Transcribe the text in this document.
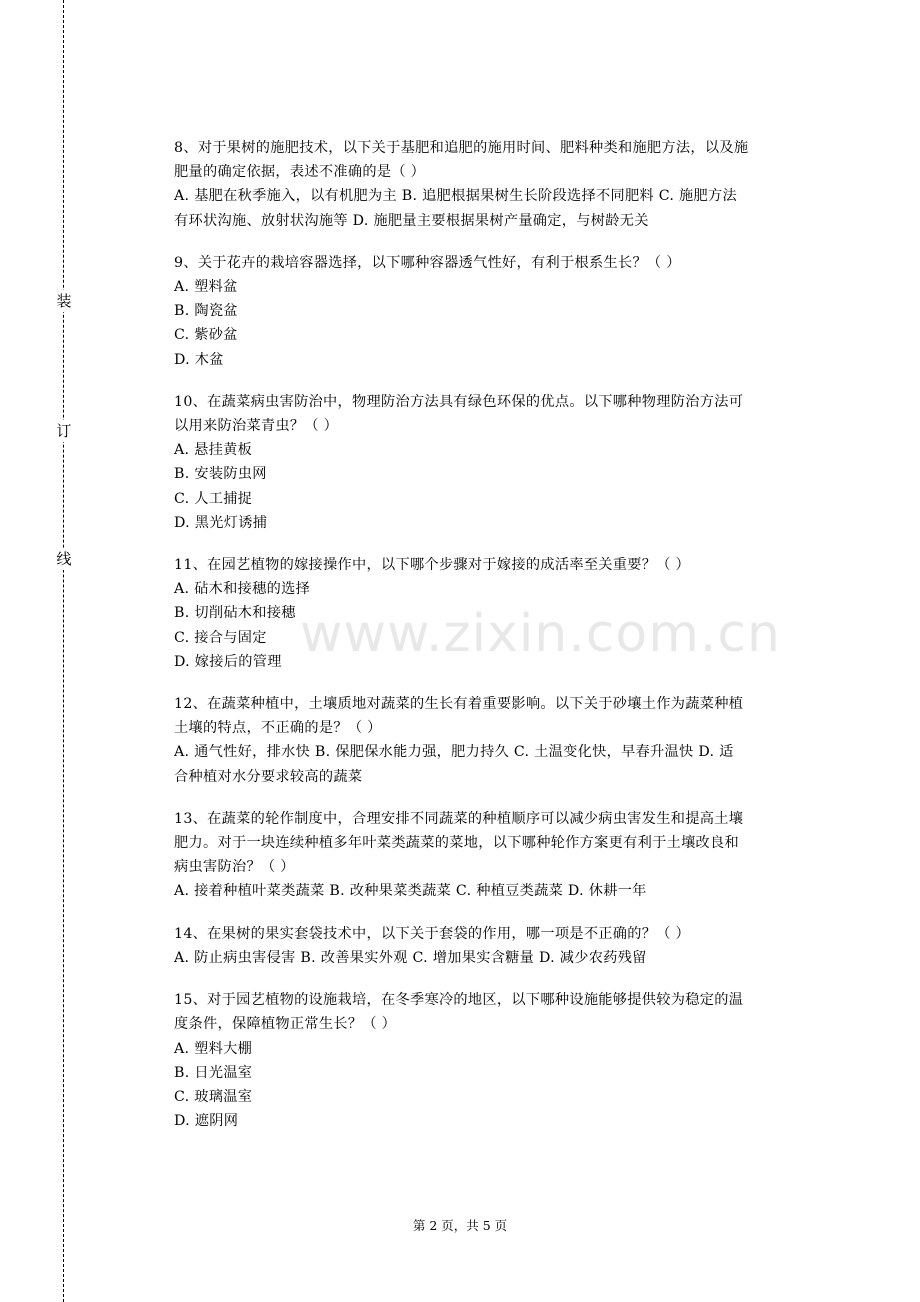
装
订
线
www.zixin.com.cn
8、对于果树的施肥技术，以下关于基肥和追肥的施用时间、肥料种类和施肥方法，以及施
肥量的确定依据，表述不准确的是（ ）
A. 基肥在秋季施入，以有机肥为主 B. 追肥根据果树生长阶段选择不同肥料 C. 施肥方法
有环状沟施、放射状沟施等 D. 施肥量主要根据果树产量确定，与树龄无关
9、关于花卉的栽培容器选择，以下哪种容器透气性好，有利于根系生长？（ ）
A. 塑料盆
B. 陶瓷盆
C. 紫砂盆
D. 木盆
10、在蔬菜病虫害防治中，物理防治方法具有绿色环保的优点。以下哪种物理防治方法可
以用来防治菜青虫？（ ）
A. 悬挂黄板
B. 安装防虫网
C. 人工捕捉
D. 黑光灯诱捕
11、在园艺植物的嫁接操作中，以下哪个步骤对于嫁接的成活率至关重要？（ ）
A. 砧木和接穗的选择
B. 切削砧木和接穗
C. 接合与固定
D. 嫁接后的管理
12、在蔬菜种植中，土壤质地对蔬菜的生长有着重要影响。以下关于砂壤土作为蔬菜种植
土壤的特点，不正确的是？（ ）
A. 通气性好，排水快 B. 保肥保水能力强，肥力持久 C. 土温变化快，早春升温快 D. 适
合种植对水分要求较高的蔬菜
13、在蔬菜的轮作制度中，合理安排不同蔬菜的种植顺序可以减少病虫害发生和提高土壤
肥力。对于一块连续种植多年叶菜类蔬菜的菜地，以下哪种轮作方案更有利于土壤改良和
病虫害防治？（ ）
A. 接着种植叶菜类蔬菜 B. 改种果菜类蔬菜 C. 种植豆类蔬菜 D. 休耕一年
14、在果树的果实套袋技术中，以下关于套袋的作用，哪一项是不正确的？（ ）
A. 防止病虫害侵害 B. 改善果实外观 C. 增加果实含糖量 D. 减少农药残留
15、对于园艺植物的设施栽培，在冬季寒冷的地区，以下哪种设施能够提供较为稳定的温
度条件，保障植物正常生长？（ ）
A. 塑料大棚
B. 日光温室
C. 玻璃温室
D. 遮阴网
第 2 页，共 5 页
